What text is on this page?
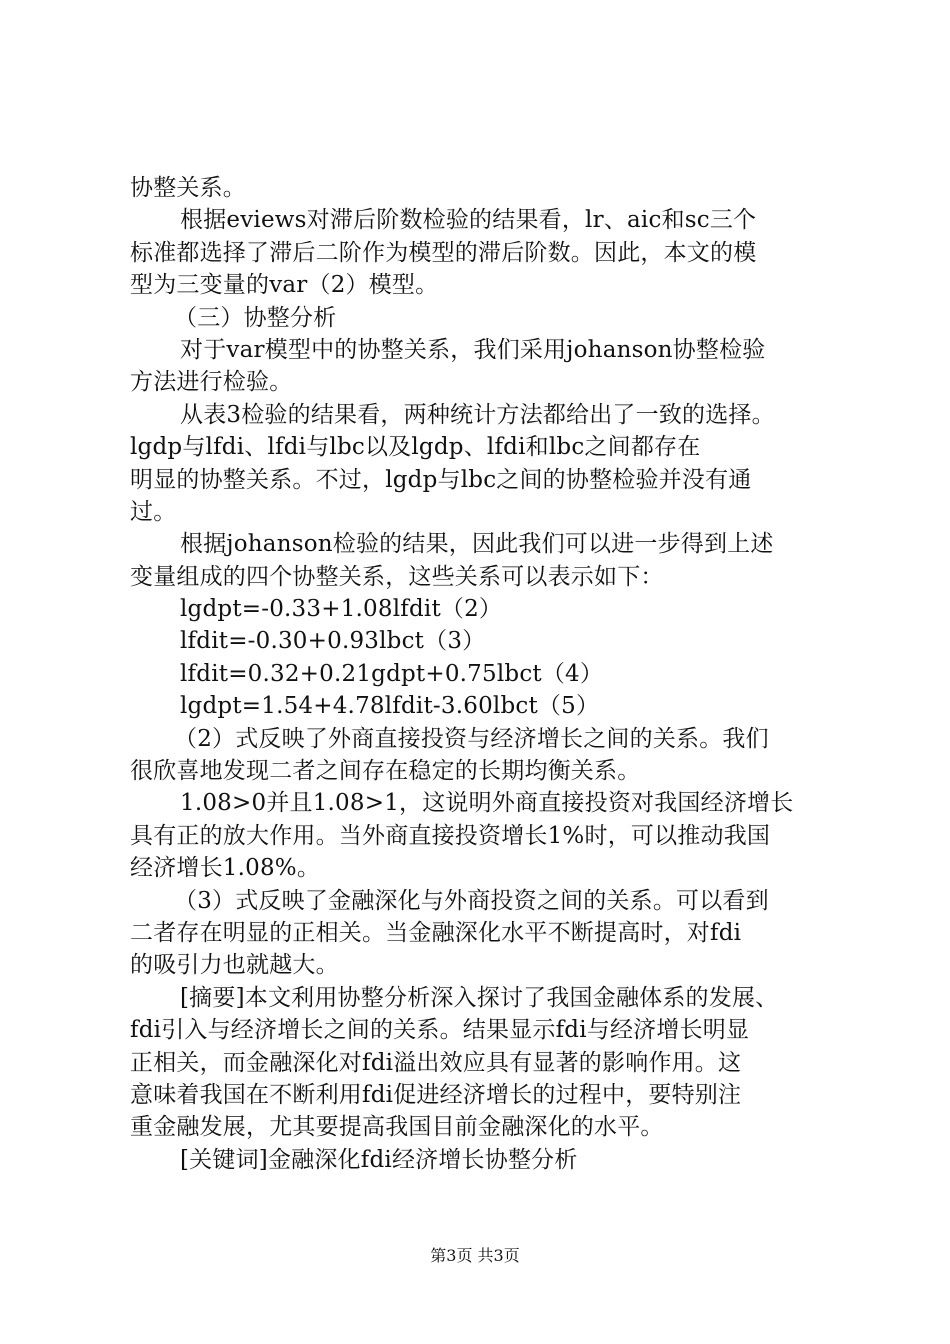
协整关系。
根据eviews对滞后阶数检验的结果看，lr、aic和sc三个
标准都选择了滞后二阶作为模型的滞后阶数。因此，本文的模
型为三变量的var（2）模型。
（三）协整分析
对于var模型中的协整关系，我们采用johanson协整检验
方法进行检验。
从表3检验的结果看，两种统计方法都给出了一致的选择。
lgdp与lfdi、lfdi与lbc以及lgdp、lfdi和lbc之间都存在
明显的协整关系。不过，lgdp与lbc之间的协整检验并没有通
过。
根据johanson检验的结果，因此我们可以进一步得到上述
变量组成的四个协整关系，这些关系可以表示如下：
lgdpt=-0.33+1.08lfdit（2）
lfdit=-0.30+0.93lbct（3）
lfdit=0.32+0.21gdpt+0.75lbct（4）
lgdpt=1.54+4.78lfdit-3.60lbct（5）
（2）式反映了外商直接投资与经济增长之间的关系。我们
很欣喜地发现二者之间存在稳定的长期均衡关系。
1.08>0并且1.08>1，这说明外商直接投资对我国经济增长
具有正的放大作用。当外商直接投资增长1%时，可以推动我国
经济增长1.08%。
（3）式反映了金融深化与外商投资之间的关系。可以看到
二者存在明显的正相关。当金融深化水平不断提高时，对fdi
的吸引力也就越大。
[摘要]本文利用协整分析深入探讨了我国金融体系的发展、
fdi引入与经济增长之间的关系。结果显示fdi与经济增长明显
正相关，而金融深化对fdi溢出效应具有显著的影响作用。这
意味着我国在不断利用fdi促进经济增长的过程中，要特别注
重金融发展，尤其要提高我国目前金融深化的水平。
[关键词]金融深化fdi经济增长协整分析
第3页 共3页
